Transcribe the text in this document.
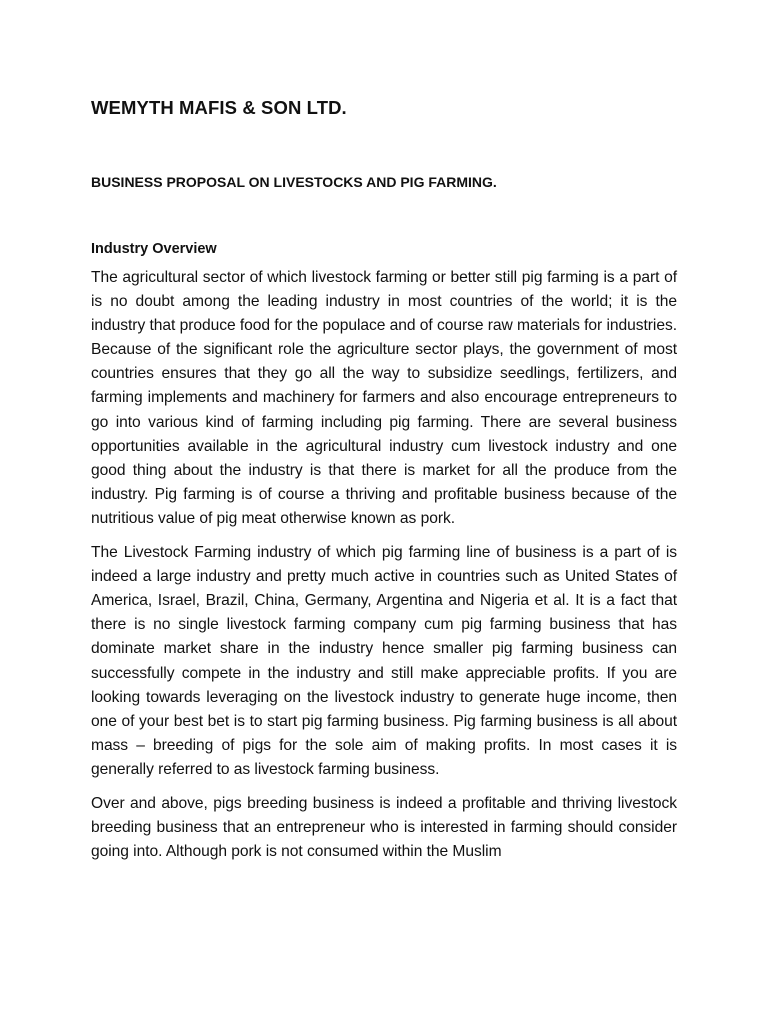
WEMYTH MAFIS & SON LTD.
BUSINESS PROPOSAL ON LIVESTOCKS AND PIG FARMING.
Industry Overview

The agricultural sector of which livestock farming or better still pig farming is a part of is no doubt among the leading industry in most countries of the world; it is the industry that produce food for the populace and of course raw materials for industries. Because of the significant role the agriculture sector plays, the government of most countries ensures that they go all the way to subsidize seedlings, fertilizers, and farming implements and machinery for farmers and also encourage entrepreneurs to go into various kind of farming including pig farming. There are several business opportunities available in the agricultural industry cum livestock industry and one good thing about the industry is that there is market for all the produce from the industry. Pig farming is of course a thriving and profitable business because of the nutritious value of pig meat otherwise known as pork.

The Livestock Farming industry of which pig farming line of business is a part of is indeed a large industry and pretty much active in countries such as United States of America, Israel, Brazil, China, Germany, Argentina and Nigeria et al. It is a fact that there is no single livestock farming company cum pig farming business that has dominate market share in the industry hence smaller pig farming business can successfully compete in the industry and still make appreciable profits. If you are looking towards leveraging on the livestock industry to generate huge income, then one of your best bet is to start pig farming business. Pig farming business is all about mass – breeding of pigs for the sole aim of making profits. In most cases it is generally referred to as livestock farming business.

Over and above, pigs breeding business is indeed a profitable and thriving livestock breeding business that an entrepreneur who is interested in farming should consider going into. Although pork is not consumed within the Muslim
